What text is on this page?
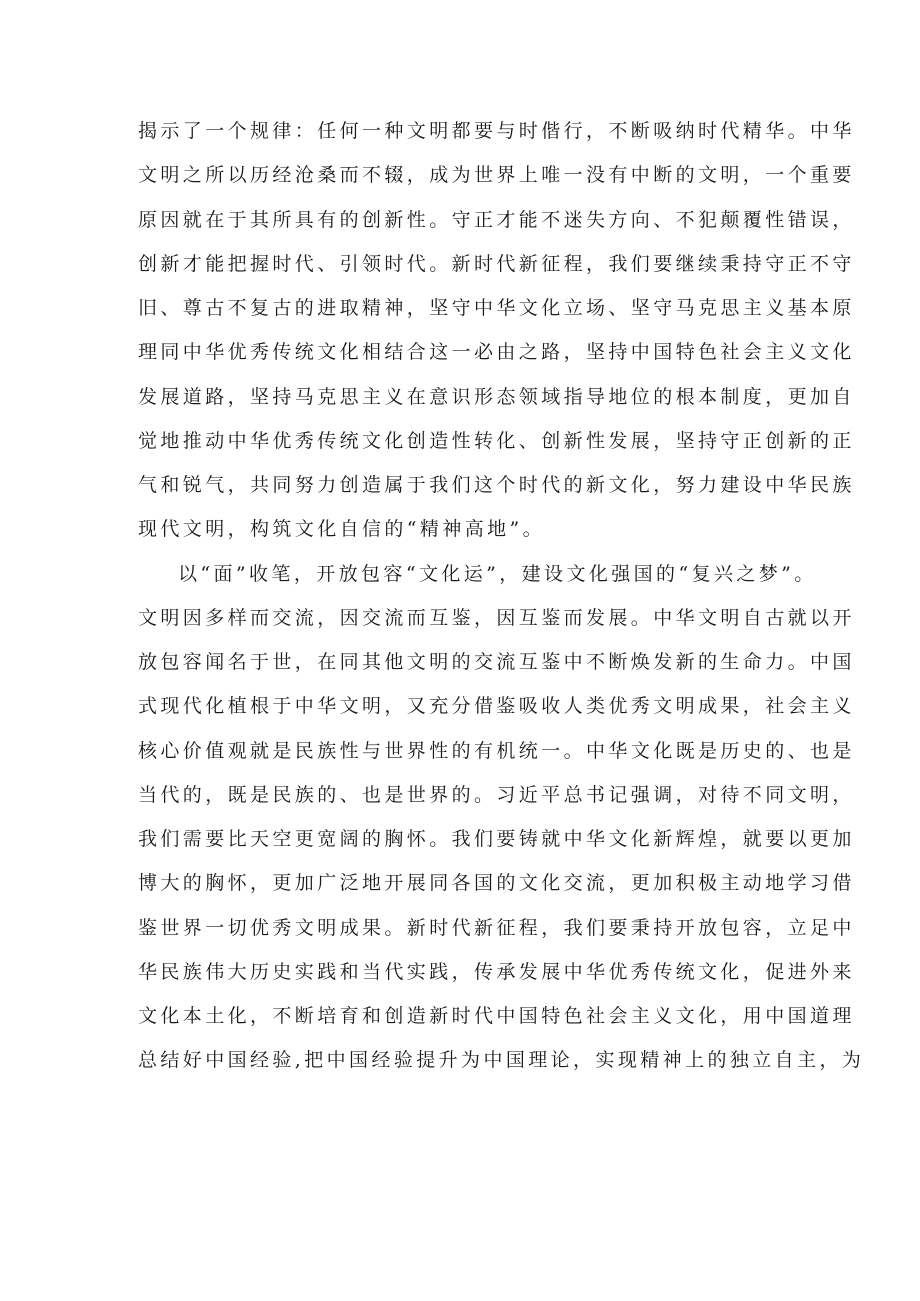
揭示了一个规律：任何一种文明都要与时偕行，不断吸纳时代精华。中华
文明之所以历经沧桑而不辍，成为世界上唯一没有中断的文明，一个重要
原因就在于其所具有的创新性。守正才能不迷失方向、不犯颠覆性错误，
创新才能把握时代、引领时代。新时代新征程，我们要继续秉持守正不守
旧、尊古不复古的进取精神，坚守中华文化立场、坚守马克思主义基本原
理同中华优秀传统文化相结合这一必由之路，坚持中国特色社会主义文化
发展道路，坚持马克思主义在意识形态领域指导地位的根本制度，更加自
觉地推动中华优秀传统文化创造性转化、创新性发展，坚持守正创新的正
气和锐气，共同努力创造属于我们这个时代的新文化，努力建设中华民族
现代文明，构筑文化自信的“精神高地”。
以“面”收笔，开放包容“文化运”，建设文化强国的“复兴之梦”。
文明因多样而交流，因交流而互鉴，因互鉴而发展。中华文明自古就以开
放包容闻名于世，在同其他文明的交流互鉴中不断焕发新的生命力。中国
式现代化植根于中华文明，又充分借鉴吸收人类优秀文明成果，社会主义
核心价值观就是民族性与世界性的有机统一。中华文化既是历史的、也是
当代的，既是民族的、也是世界的。习近平总书记强调，对待不同文明，
我们需要比天空更宽阔的胸怀。我们要铸就中华文化新辉煌，就要以更加
博大的胸怀，更加广泛地开展同各国的文化交流，更加积极主动地学习借
鉴世界一切优秀文明成果。新时代新征程，我们要秉持开放包容，立足中
华民族伟大历史实践和当代实践，传承发展中华优秀传统文化，促进外来
文化本土化，不断培育和创造新时代中国特色社会主义文化，用中国道理
总结好中国经验,把中国经验提升为中国理论，实现精神上的独立自主，为
